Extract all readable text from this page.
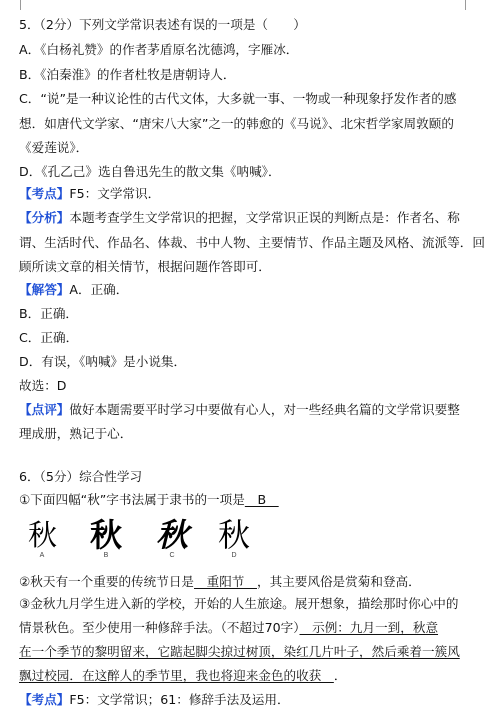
5．（2分）下列文学常识表述有误的一项是（　　）
A．《白杨礼赞》的作者茅盾原名沈德鸿，字雁冰．
B．《泊秦淮》的作者杜牧是唐朝诗人．
C．“说”是一种议论性的古代文体，大多就一事、一物或一种现象抒发作者的感
想．如唐代文学家、“唐宋八大家”之一的韩愈的《马说》、北宋哲学家周敦颐的
《爱莲说》．
D．《孔乙己》选自鲁迅先生的散文集《呐喊》．
【考点】F5：文学常识．
【分析】本题考查学生文学常识的把握，文学常识正误的判断点是：作者名、称
谓、生活时代、作品名、体裁、书中人物、主要情节、作品主题及风格、流派等．回
顾所读文章的相关情节，根据问题作答即可．
【解答】A．正确．
B．正确．
C．正确．
D．有误，《呐喊》是小说集．
故选：D
【点评】做好本题需要平时学习中要做有心人，对一些经典名篇的文学常识要整
理成册，熟记于心．
6．（5分）综合性学习
①下面四幅“秋”字书法属于隶书的一项是　B　
秋
A
秋
B
秋
C
秋
D
②秋天有一个重要的传统节日是　重阳节　，其主要风俗是赏菊和登高．
③金秋九月学生进入新的学校，开始的人生旅途。展开想象，描绘那时你心中的
情景秋色。至少使用一种修辞手法。（不超过70字）　示例：九月一到，秋意
在一个季节的黎明留来，它踮起脚尖掠过树顶，染红几片叶子，然后乘着一簇风
飘过校园．在这醉人的季节里，我也将迎来金色的收获　．
【考点】F5：文学常识；61：修辞手法及运用．
